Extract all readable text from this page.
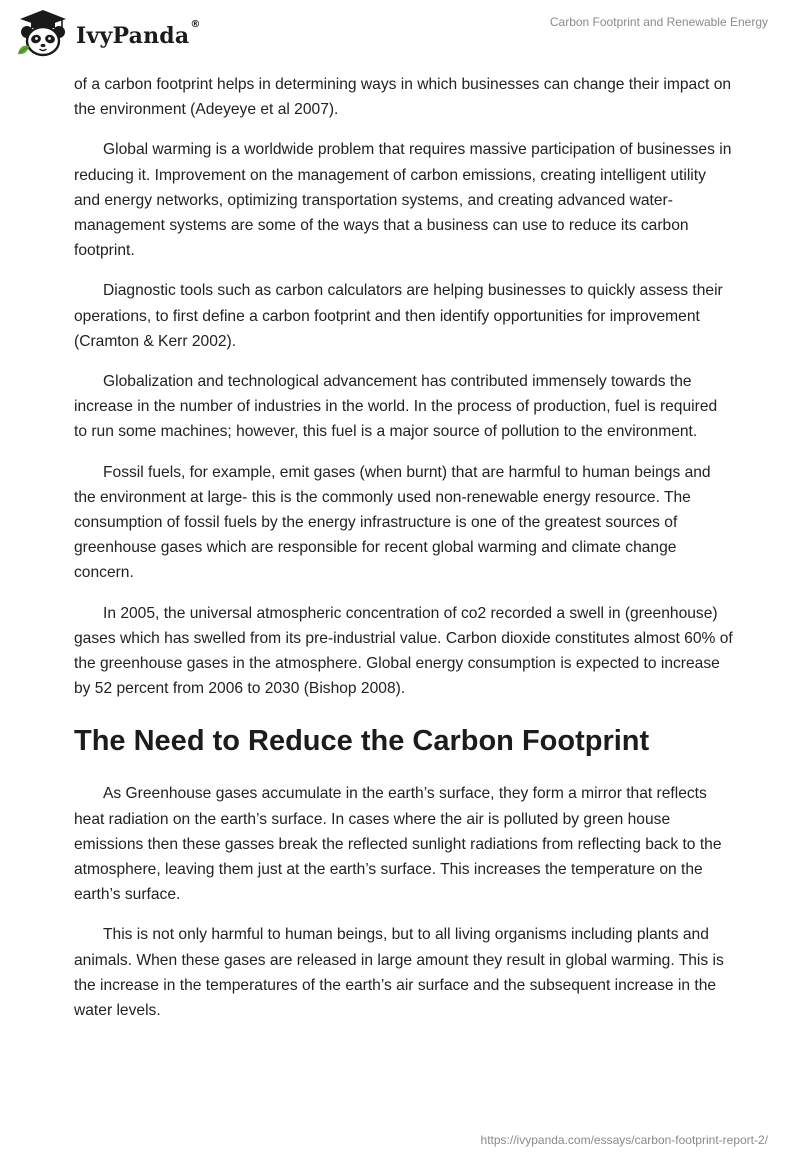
IvyPanda®	Carbon Footprint and Renewable Energy

of a carbon footprint helps in determining ways in which businesses can change their impact on the environment (Adeyeye et al 2007).

Global warming is a worldwide problem that requires massive participation of businesses in reducing it. Improvement on the management of carbon emissions, creating intelligent utility and energy networks, optimizing transportation systems, and creating advanced water-management systems are some of the ways that a business can use to reduce its carbon footprint.

Diagnostic tools such as carbon calculators are helping businesses to quickly assess their operations, to first define a carbon footprint and then identify opportunities for improvement (Cramton & Kerr 2002).

Globalization and technological advancement has contributed immensely towards the increase in the number of industries in the world. In the process of production, fuel is required to run some machines; however, this fuel is a major source of pollution to the environment.

Fossil fuels, for example, emit gases (when burnt) that are harmful to human beings and the environment at large- this is the commonly used non-renewable energy resource. The consumption of fossil fuels by the energy infrastructure is one of the greatest sources of greenhouse gases which are responsible for recent global warming and climate change concern.

In 2005, the universal atmospheric concentration of co2 recorded a swell in (greenhouse) gases which has swelled from its pre-industrial value. Carbon dioxide constitutes almost 60% of the greenhouse gases in the atmosphere. Global energy consumption is expected to increase by 52 percent from 2006 to 2030 (Bishop 2008).

The Need to Reduce the Carbon Footprint

As Greenhouse gases accumulate in the earth’s surface, they form a mirror that reflects heat radiation on the earth’s surface. In cases where the air is polluted by green house emissions then these gasses break the reflected sunlight radiations from reflecting back to the atmosphere, leaving them just at the earth’s surface. This increases the temperature on the earth’s surface.

This is not only harmful to human beings, but to all living organisms including plants and animals. When these gases are released in large amount they result in global warming. This is the increase in the temperatures of the earth’s air surface and the subsequent increase in the water levels.

https://ivypanda.com/essays/carbon-footprint-report-2/
